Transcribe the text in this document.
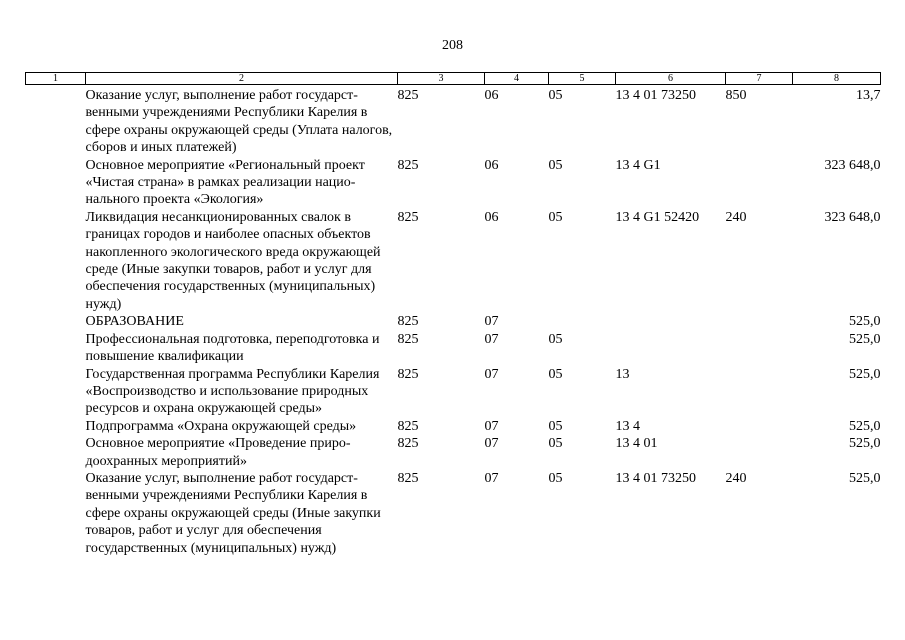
208
1	2	3	4	5	6	7	8
	Оказание услуг, выполнение работ государственными учреждениями Республики Карелия в сфере охраны окружающей среды (Уплата налогов, сборов и иных платежей)	825	06	05	13 4 01 73250	850	13,7
	Основное мероприятие «Региональный проект «Чистая страна» в рамках реализации национального проекта «Экология»	825	06	05	13 4 G1		323 648,0
	Ликвидация несанкционированных свалок в границах городов и наиболее опасных объектов накопленного экологического вреда окружающей среде (Иные закупки товаров, работ и услуг для обеспечения государственных (муниципальных) нужд)	825	06	05	13 4 G1 52420	240	323 648,0
	ОБРАЗОВАНИЕ	825	07				525,0
	Профессиональная подготовка, переподготовка и повышение квалификации	825	07	05			525,0
	Государственная программа Республики Карелия «Воспроизводство и использование природных ресурсов и охрана окружающей среды»	825	07	05	13		525,0
	Подпрограмма «Охрана окружающей среды»	825	07	05	13 4		525,0
	Основное мероприятие «Проведение природоохранных мероприятий»	825	07	05	13 4 01		525,0
	Оказание услуг, выполнение работ государственными учреждениями Республики Карелия в сфере охраны окружающей среды (Иные закупки товаров, работ и услуг для обеспечения государственных (муниципальных) нужд)	825	07	05	13 4 01 73250	240	525,0
